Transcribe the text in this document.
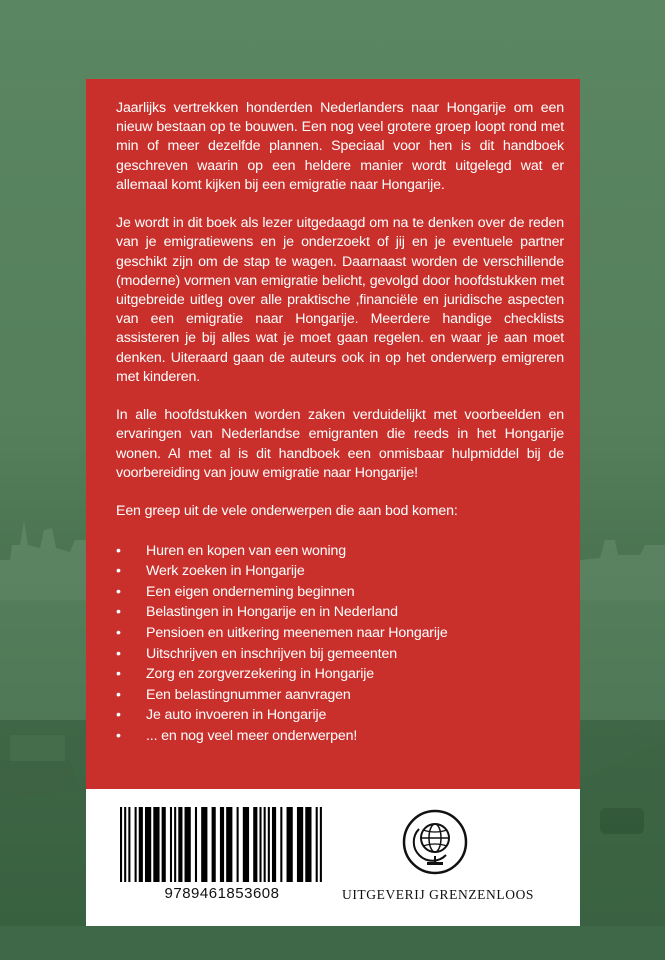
Jaarlijks vertrekken honderden Nederlanders naar Hongarije om een nieuw bestaan op te bouwen. Een nog veel grotere groep loopt rond met min of meer dezelfde plannen. Speciaal voor hen is dit handboek geschreven waarin op een heldere manier wordt uitgelegd wat er allemaal komt kijken bij een emigratie naar Hongarije.

Je wordt in dit boek als lezer uitgedaagd om na te denken over de reden van je emigratiewens en je onderzoekt of jij en je eventuele partner geschikt zijn om de stap te wagen. Daarnaast worden de verschillende (moderne) vormen van emigratie belicht, gevolgd door hoofdstukken met uitgebreide uitleg over alle praktische ,financiële en juridische aspecten van een emigratie naar Hongarije. Meerdere handige checklists assisteren je bij alles wat je moet gaan regelen. en waar je aan moet denken. Uiteraard gaan de auteurs ook in op het onderwerp emigreren met kinderen.

In alle hoofdstukken worden zaken verduidelijkt met voorbeelden en ervaringen van Nederlandse emigranten die reeds in het Hongarije wonen. Al met al is dit handboek een onmisbaar hulpmiddel bij de voorbereiding van jouw emigratie naar Hongarije!

Een greep uit de vele onderwerpen die aan bod komen:

• Huren en kopen van een woning
• Werk zoeken in Hongarije
• Een eigen onderneming beginnen
• Belastingen in Hongarije en in Nederland
• Pensioen en uitkering meenemen naar Hongarije
• Uitschrijven en inschrijven bij gemeenten
• Zorg en zorgverzekering in Hongarije
• Een belastingnummer aanvragen
• Je auto invoeren in Hongarije
• ... en nog veel meer onderwerpen!
9789461853608	UITGEVERIJ GRENZENLOOS
